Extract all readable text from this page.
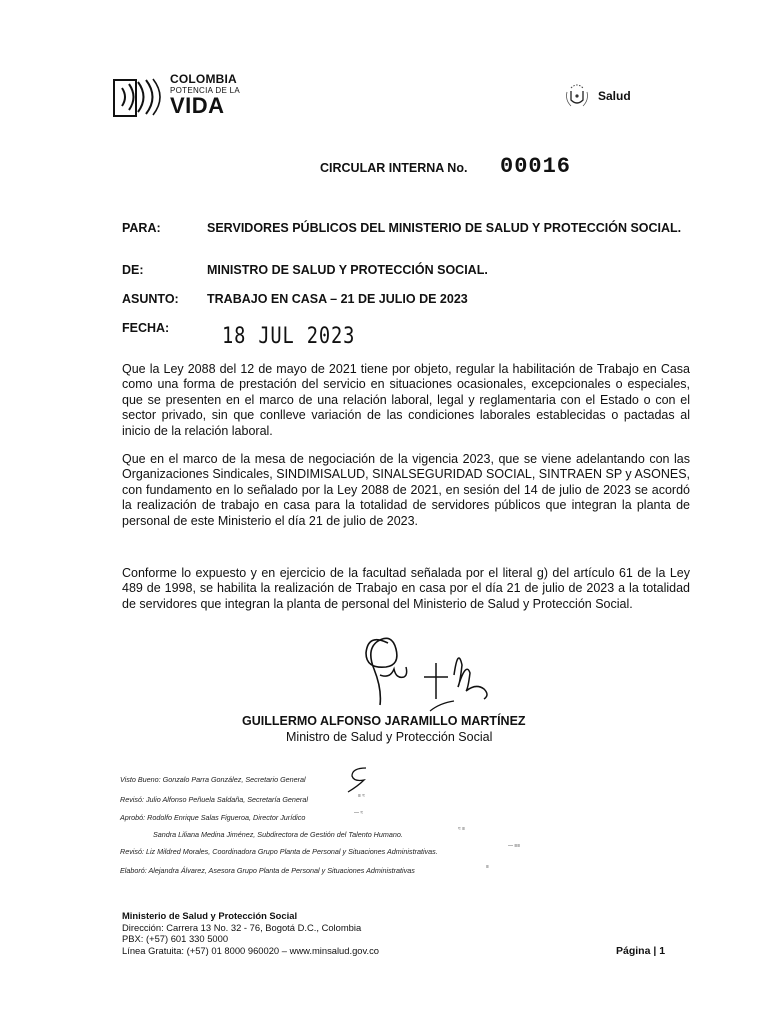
COLOMBIA
POTENCIA DE LA
VIDA	Salud
CIRCULAR INTERNA No. 00016
PARA:	SERVIDORES PÚBLICOS DEL MINISTERIO DE SALUD Y PROTECCIÓN SOCIAL.
DE:	MINISTRO DE SALUD Y PROTECCIÓN SOCIAL.
ASUNTO: TRABAJO EN CASA – 21 DE JULIO DE 2023
FECHA: 18 JUL 2023
Que la Ley 2088 del 12 de mayo de 2021 tiene por objeto, regular la habilitación de Trabajo en Casa como una forma de prestación del servicio en situaciones ocasionales, excepcionales o especiales, que se presenten en el marco de una relación laboral, legal y reglamentaria con el Estado o con el sector privado, sin que conlleve variación de las condiciones laborales establecidas o pactadas al inicio de la relación laboral.
Que en el marco de la mesa de negociación de la vigencia 2023, que se viene adelantando con las Organizaciones Sindicales, SINDIMISALUD, SINALSEGURIDAD SOCIAL, SINTRAEN SP y ASONES, con fundamento en lo señalado por la Ley 2088 de 2021, en sesión del 14 de julio de 2023 se acordó la realización de trabajo en casa para la totalidad de servidores públicos que integran la planta de personal de este Ministerio el día 21 de julio de 2023.
Conforme lo expuesto y en ejercicio de la facultad señalada por el literal g) del artículo 61 de la Ley 489 de 1998, se habilita la realización de Trabajo en casa por el día 21 de julio de 2023 a la totalidad de servidores que integran la planta de personal del Ministerio de Salud y Protección Social.
GUILLERMO ALFONSO JARAMILLO MARTÍNEZ
Ministro de Salud y Protección Social
Visto Bueno: Gonzalo Parra González, Secretario General
Revisó: Julio Alfonso Peñuela Saldaña, Secretaría General	≡ ≈
Aprobó: Rodolfo Enrique Salas Figueroa, Director Jurídico	— ≈
Sandra Liliana Medina Jiménez, Subdirectora de Gestión del Talento Humano.
≈ ≡
Revisó: Liz Mildred Morales, Coordinadora Grupo Planta de Personal y Situaciones Administrativas.
— ≡≡
Elaboró: Alejandra Álvarez, Asesora Grupo Planta de Personal y Situaciones Administrativas	≡
Ministerio de Salud y Protección Social
Dirección: Carrera 13 No. 32 - 76, Bogotá D.C., Colombia
PBX: (+57) 601 330 5000
Línea Gratuita: (+57) 01 8000 960020 – www.minsalud.gov.co	Página | 1
